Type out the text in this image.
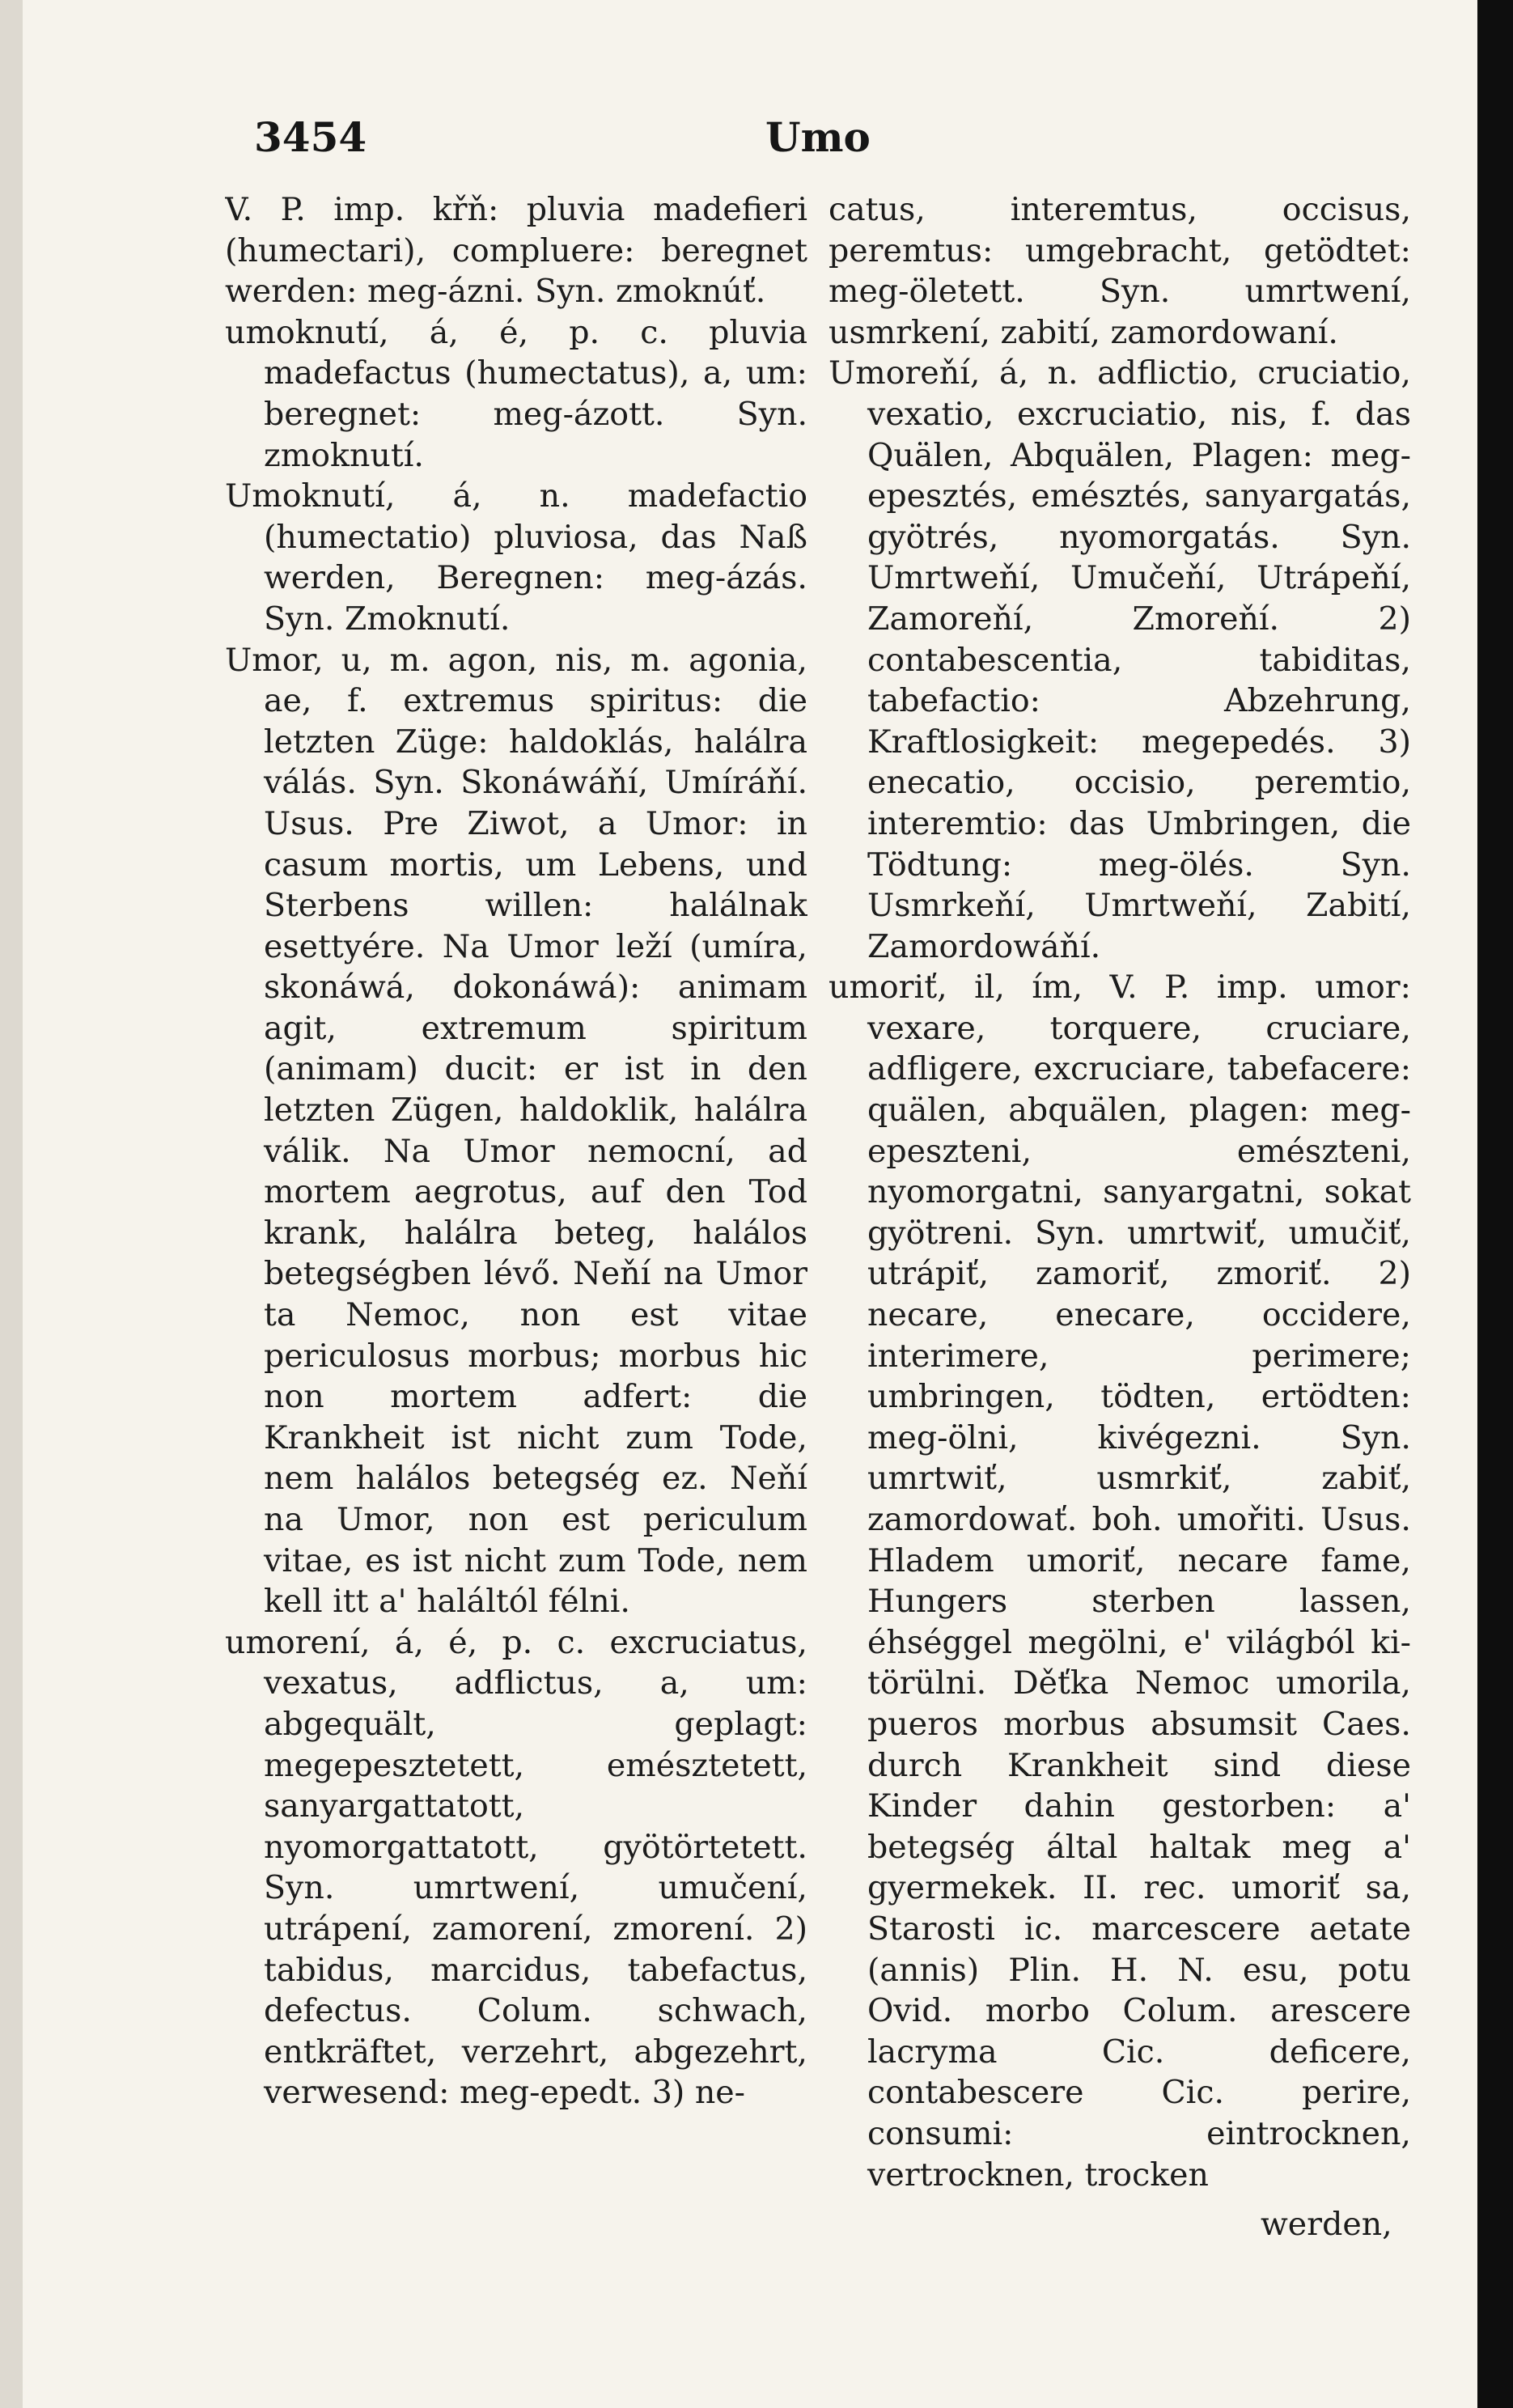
3454	Umo

V. P. imp. křň: pluvia madefieri (humectari), compluere: beregnet werden: meg-ázni. Syn. zmoknúť.

umoknutí, á, é, p. c. pluvia madefactus (humectatus), a, um: beregnet: meg-ázott. Syn. zmoknutí.

Umoknutí, á, n. madefactio (humectatio) pluviosa, das Naß werden, Beregnen: meg-ázás. Syn. Zmoknutí.

Umor, u, m. agon, nis, m. agonia, ae, f. extremus spiritus: die letzten Züge: haldoklás, halálra válás. Syn. Skonáwáňí, Umíráňí. Usus. Pre Ziwot, a Umor: in casum mortis, um Lebens, und Sterbens willen: halálnak esettyére. Na Umor leží (umíra, skonáwá, dokonáwá): animam agit, extremum spiritum (animam) ducit: er ist in den letzten Zügen, haldoklik, halálra válik. Na Umor nemocní, ad mortem aegrotus, auf den Tod krank, halálra beteg, halálos betegségben lévő. Neňí na Umor ta Nemoc, non est vitae periculosus morbus; morbus hic non mortem adfert: die Krankheit ist nicht zum Tode, nem halálos betegség ez. Neňí na Umor, non est periculum vitae, es ist nicht zum Tode, nem kell itt a' haláltól félni.

umorení, á, é, p. c. excruciatus, vexatus, adflictus, a, um: abgequält, geplagt: megepesztetett, emésztetett, sanyargattatott, nyomorgattatott, gyötörtetett. Syn. umrtwení, umučení, utrápení, zamorení, zmorení. 2) tabidus, marcidus, tabefactus, defectus. Colum. schwach, entkräftet, verzehrt, abgezehrt, verwesend: meg-epedt. 3) ne-

catus, interemtus, occisus, peremtus: umgebracht, getödtet: meg-öletett. Syn. umrtwení, usmrkení, zabití, zamordowaní.

Umoreňí, á, n. adflictio, cruciatio, vexatio, excruciatio, nis, f. das Quälen, Abquälen, Plagen: meg-epesztés, emésztés, sanyargatás, gyötrés, nyomorgatás. Syn. Umrtweňí, Umučeňí, Utrápeňí, Zamoreňí, Zmoreňí. 2) contabescentia, tabiditas, tabefactio: Abzehrung, Kraftlosigkeit: megepedés. 3) enecatio, occisio, peremtio, interemtio: das Umbringen, die Tödtung: meg-ölés. Syn. Usmrkeňí, Umrtweňí, Zabití, Zamordowáňí.

umoriť, il, ím, V. P. imp. umor: vexare, torquere, cruciare, adfligere, excruciare, tabefacere: quälen, abquälen, plagen: meg-epeszteni, emészteni, nyomorgatni, sanyargatni, sokat gyötreni. Syn. umrtwiť, umučiť, utrápiť, zamoriť, zmoriť. 2) necare, enecare, occidere, interimere, perimere; umbringen, tödten, ertödten: meg-ölni, kivégezni. Syn. umrtwiť, usmrkiť, zabiť, zamordowať. boh. umořiti. Usus. Hladem umoriť, necare fame, Hungers sterben lassen, éhséggel megölni, e' világból ki-törülni. Děťka Nemoc umorila, pueros morbus absumsit Caes. durch Krankheit sind diese Kinder dahin gestorben: a' betegség által haltak meg a' gyermekek. II. rec. umoriť sa, Starosti ic. marcescere aetate (annis) Plin. H. N. esu, potu Ovid. morbo Colum. arescere lacryma Cic. deficere, contabescere Cic. perire, consumi: eintrocknen, vertrocknen, trocken

werden,
